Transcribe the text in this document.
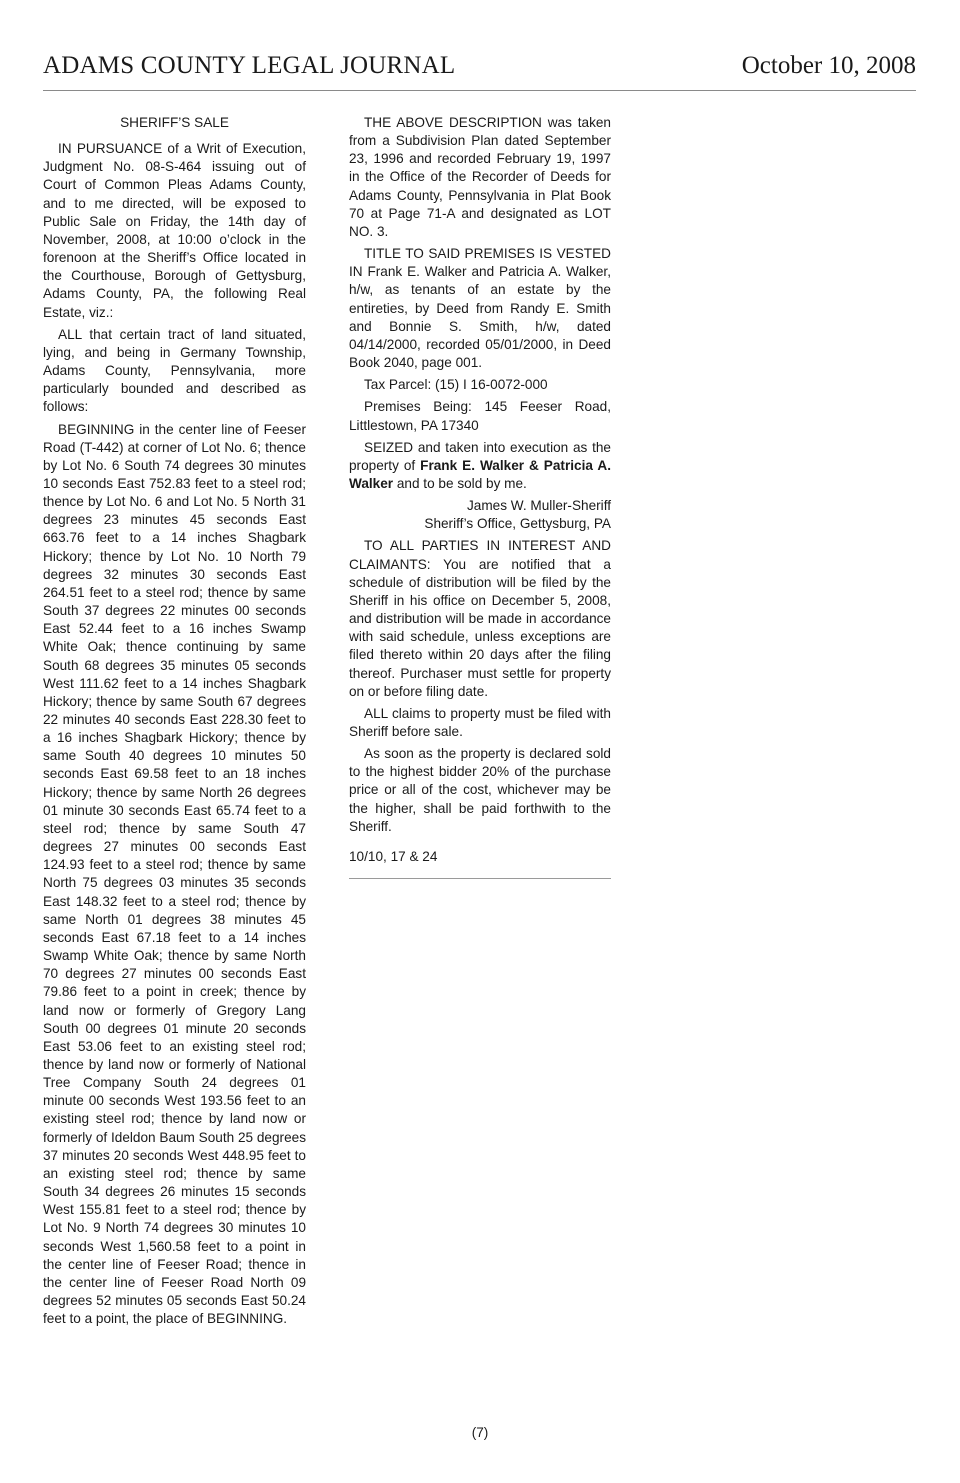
ADAMS COUNTY LEGAL JOURNAL	October 10, 2008

SHERIFF’S SALE

IN PURSUANCE of a Writ of Execution, Judgment No. 08-S-464 issuing out of Court of Common Pleas Adams County, and to me directed, will be exposed to Public Sale on Friday, the 14th day of November, 2008, at 10:00 o’clock in the forenoon at the Sheriff’s Office located in the Courthouse, Borough of Gettysburg, Adams County, PA, the following Real Estate, viz.:

ALL that certain tract of land situated, lying, and being in Germany Township, Adams County, Pennsylvania, more particularly bounded and described as follows:

BEGINNING in the center line of Feeser Road (T-442) at corner of Lot No. 6; thence by Lot No. 6 South 74 degrees 30 minutes 10 seconds East 752.83 feet to a steel rod; thence by Lot No. 6 and Lot No. 5 North 31 degrees 23 minutes 45 seconds East 663.76 feet to a 14 inches Shagbark Hickory; thence by Lot No. 10 North 79 degrees 32 minutes 30 seconds East 264.51 feet to a steel rod; thence by same South 37 degrees 22 minutes 00 seconds East 52.44 feet to a 16 inches Swamp White Oak; thence continuing by same South 68 degrees 35 minutes 05 seconds West 111.62 feet to a 14 inches Shagbark Hickory; thence by same South 67 degrees 22 minutes 40 seconds East 228.30 feet to a 16 inches Shagbark Hickory; thence by same South 40 degrees 10 minutes 50 seconds East 69.58 feet to an 18 inches Hickory; thence by same North 26 degrees 01 minute 30 seconds East 65.74 feet to a steel rod; thence by same South 47 degrees 27 minutes 00 seconds East 124.93 feet to a steel rod; thence by same North 75 degrees 03 minutes 35 seconds East 148.32 feet to a steel rod; thence by same North 01 degrees 38 minutes 45 seconds East 67.18 feet to a 14 inches Swamp White Oak; thence by same North 70 degrees 27 minutes 00 seconds East 79.86 feet to a point in creek; thence by land now or formerly of Gregory Lang South 00 degrees 01 minute 20 seconds East 53.06 feet to an existing steel rod; thence by land now or formerly of National Tree Company South 24 degrees 01 minute 00 seconds West 193.56 feet to an existing steel rod; thence by land now or formerly of Ideldon Baum South 25 degrees 37 minutes 20 seconds West 448.95 feet to an existing steel rod; thence by same South 34 degrees 26 minutes 15 seconds West 155.81 feet to a steel rod; thence by Lot No. 9 North 74 degrees 30 minutes 10 seconds West 1,560.58 feet to a point in the center line of Feeser Road; thence in the center line of Feeser Road North 09 degrees 52 minutes 05 seconds East 50.24 feet to a point, the place of BEGINNING.

THE ABOVE DESCRIPTION was taken from a Subdivision Plan dated September 23, 1996 and recorded February 19, 1997 in the Office of the Recorder of Deeds for Adams County, Pennsylvania in Plat Book 70 at Page 71-A and designated as LOT NO. 3.

TITLE TO SAID PREMISES IS VESTED IN Frank E. Walker and Patricia A. Walker, h/w, as tenants of an estate by the entireties, by Deed from Randy E. Smith and Bonnie S. Smith, h/w, dated 04/14/2000, recorded 05/01/2000, in Deed Book 2040, page 001.

Tax Parcel: (15) I 16-0072-000

Premises Being: 145 Feeser Road, Littlestown, PA 17340

SEIZED and taken into execution as the property of Frank E. Walker & Patricia A. Walker and to be sold by me.

James W. Muller-Sheriff

Sheriff’s Office, Gettysburg, PA

TO ALL PARTIES IN INTEREST AND CLAIMANTS: You are notified that a schedule of distribution will be filed by the Sheriff in his office on December 5, 2008, and distribution will be made in accordance with said schedule, unless exceptions are filed thereto within 20 days after the filing thereof. Purchaser must settle for property on or before filing date.

ALL claims to property must be filed with Sheriff before sale.

As soon as the property is declared sold to the highest bidder 20% of the purchase price or all of the cost, whichever may be the higher, shall be paid forthwith to the Sheriff.

10/10, 17 & 24

(7)
